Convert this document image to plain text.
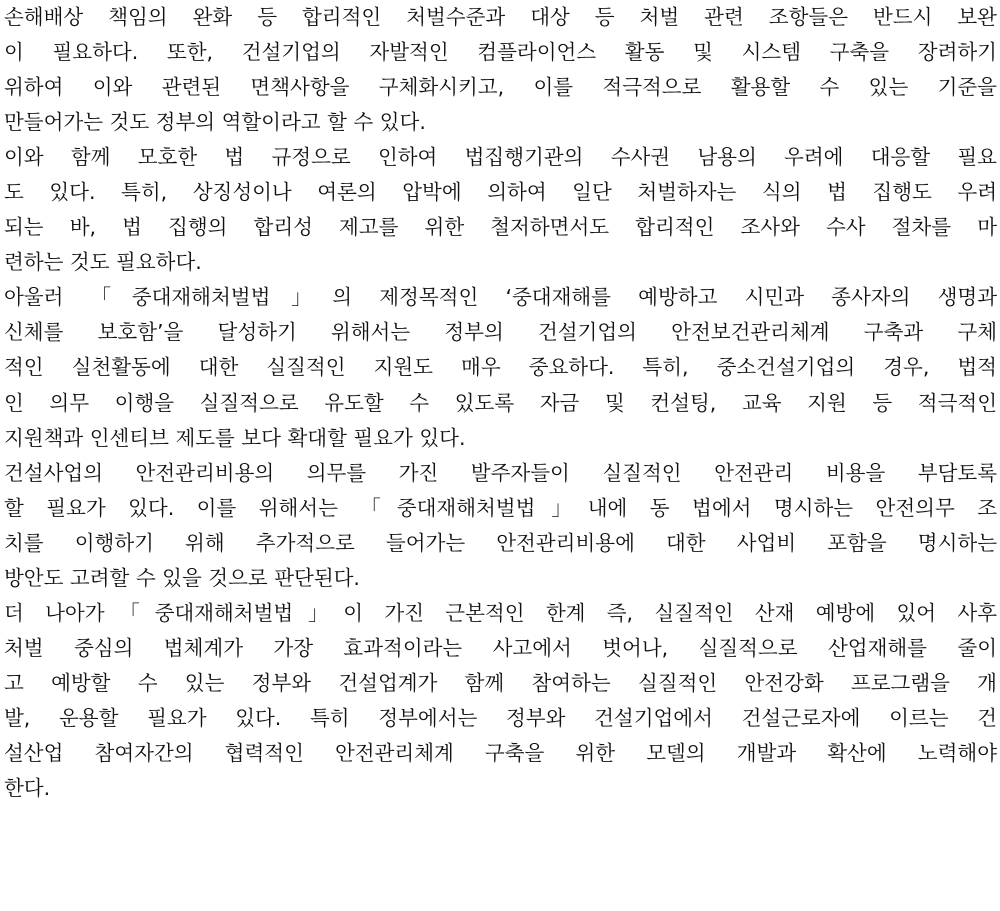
손해배상 책임의 완화 등 합리적인 처벌수준과 대상 등 처벌 관련 조항들은 반드시 보완
이 필요하다. 또한, 건설기업의 자발적인 컴플라이언스 활동 및 시스템 구축을 장려하기
위하여 이와 관련된 면책사항을 구체화시키고, 이를 적극적으로 활용할 수 있는 기준을
만들어가는 것도 정부의 역할이라고 할 수 있다.
이와 함께 모호한 법 규정으로 인하여 법집행기관의 수사권 남용의 우려에 대응할 필요
도 있다. 특히, 상징성이나 여론의 압박에 의하여 일단 처벌하자는 식의 법 집행도 우려
되는 바, 법 집행의 합리성 제고를 위한 철저하면서도 합리적인 조사와 수사 절차를 마
련하는 것도 필요하다.
아울러 「중대재해처벌법」의 제정목적인 ‘중대재해를 예방하고 시민과 종사자의 생명과
신체를 보호함’을 달성하기 위해서는 정부의 건설기업의 안전보건관리체계 구축과 구체
적인 실천활동에 대한 실질적인 지원도 매우 중요하다. 특히, 중소건설기업의 경우, 법적
인 의무 이행을 실질적으로 유도할 수 있도록 자금 및 컨설팅, 교육 지원 등 적극적인
지원책과 인센티브 제도를 보다 확대할 필요가 있다.
건설사업의 안전관리비용의 의무를 가진 발주자들이 실질적인 안전관리 비용을 부담토록
할 필요가 있다. 이를 위해서는 「중대재해처벌법」내에 동 법에서 명시하는 안전의무 조
치를 이행하기 위해 추가적으로 들어가는 안전관리비용에 대한 사업비 포함을 명시하는
방안도 고려할 수 있을 것으로 판단된다.
더 나아가「중대재해처벌법」이 가진 근본적인 한계 즉, 실질적인 산재 예방에 있어 사후
처벌 중심의 법체계가 가장 효과적이라는 사고에서 벗어나, 실질적으로 산업재해를 줄이
고 예방할 수 있는 정부와 건설업계가 함께 참여하는 실질적인 안전강화 프로그램을 개
발, 운용할 필요가 있다. 특히 정부에서는 정부와 건설기업에서 건설근로자에 이르는 건
설산업 참여자간의 협력적인 안전관리체계 구축을 위한 모델의 개발과 확산에 노력해야
한다.
